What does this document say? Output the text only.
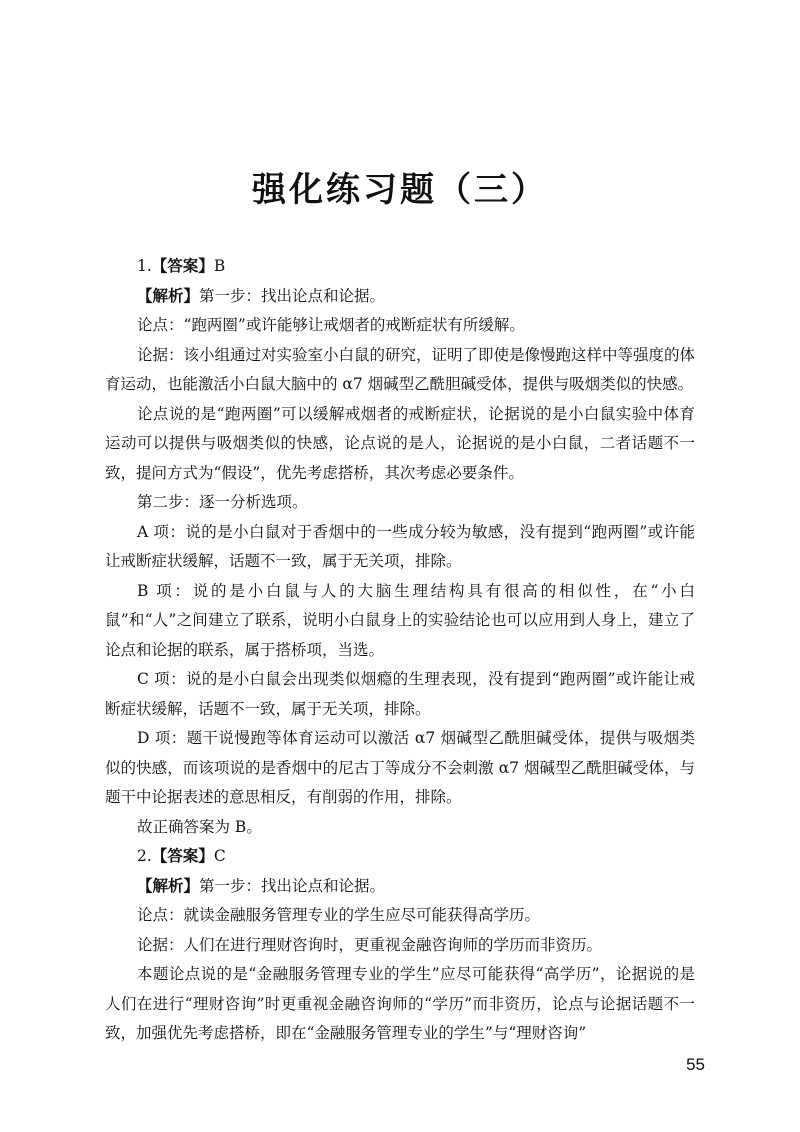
强化练习题（三）

1.【答案】B

【解析】第一步：找出论点和论据。

论点：“跑两圈”或许能够让戒烟者的戒断症状有所缓解。

论据：该小组通过对实验室小白鼠的研究，证明了即使是像慢跑这样中等强度的体育运动，也能激活小白鼠大脑中的 α7 烟碱型乙酰胆碱受体，提供与吸烟类似的快感。

论点说的是“跑两圈”可以缓解戒烟者的戒断症状，论据说的是小白鼠实验中体育运动可以提供与吸烟类似的快感，论点说的是人，论据说的是小白鼠，二者话题不一致，提问方式为“假设”，优先考虑搭桥，其次考虑必要条件。

第二步：逐一分析选项。

A 项：说的是小白鼠对于香烟中的一些成分较为敏感，没有提到“跑两圈”或许能让戒断症状缓解，话题不一致，属于无关项，排除。

B 项：说的是小白鼠与人的大脑生理结构具有很高的相似性，在“小白鼠”和“人”之间建立了联系，说明小白鼠身上的实验结论也可以应用到人身上，建立了论点和论据的联系，属于搭桥项，当选。

C 项：说的是小白鼠会出现类似烟瘾的生理表现，没有提到“跑两圈”或许能让戒断症状缓解，话题不一致，属于无关项，排除。

D 项：题干说慢跑等体育运动可以激活 α7 烟碱型乙酰胆碱受体，提供与吸烟类似的快感，而该项说的是香烟中的尼古丁等成分不会刺激 α7 烟碱型乙酰胆碱受体，与题干中论据表述的意思相反，有削弱的作用，排除。

故正确答案为 B。

2.【答案】C

【解析】第一步：找出论点和论据。

论点：就读金融服务管理专业的学生应尽可能获得高学历。

论据：人们在进行理财咨询时，更重视金融咨询师的学历而非资历。

本题论点说的是“金融服务管理专业的学生”应尽可能获得“高学历”，论据说的是人们在进行“理财咨询”时更重视金融咨询师的“学历”而非资历，论点与论据话题不一致，加强优先考虑搭桥，即在“金融服务管理专业的学生”与“理财咨询”

55
